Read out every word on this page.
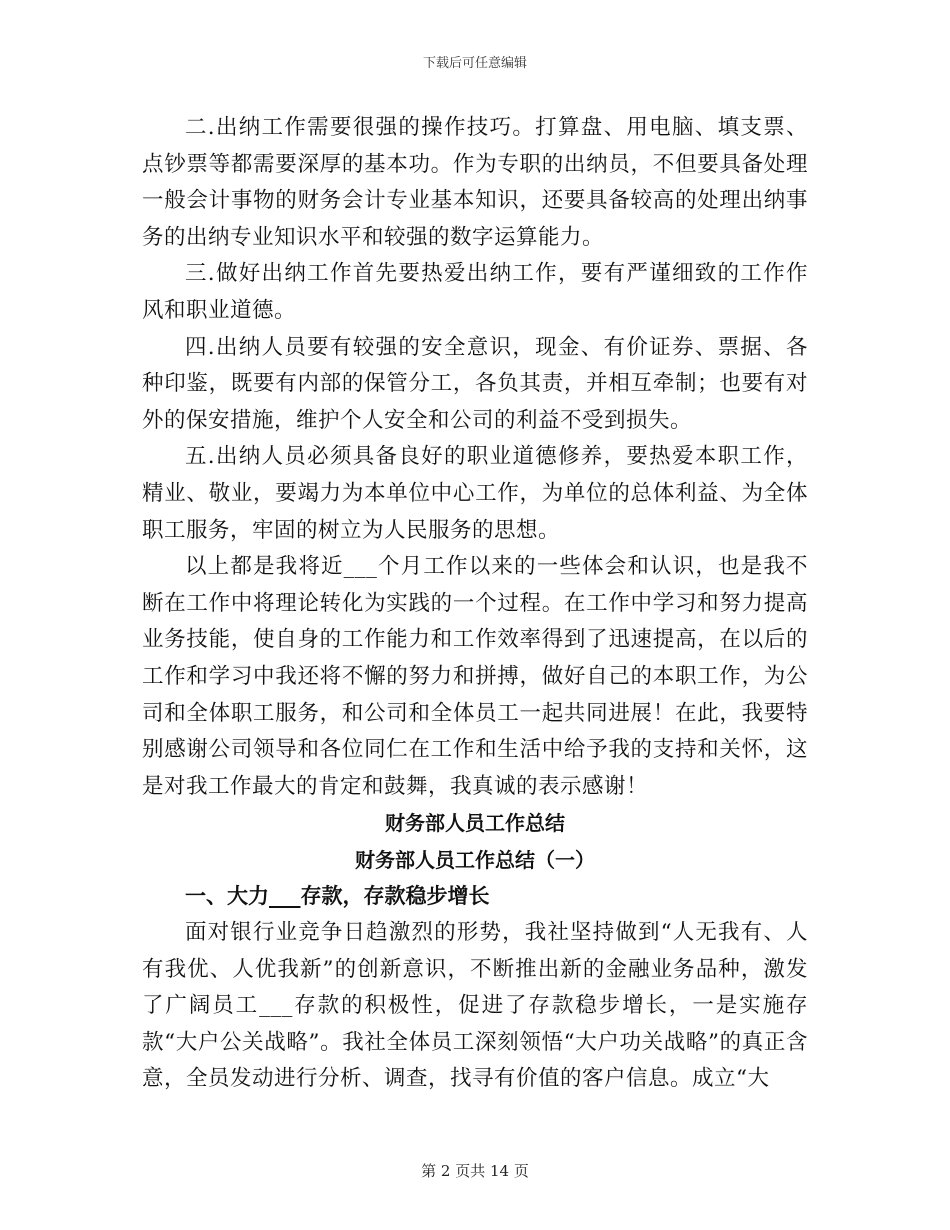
下载后可任意编辑

二.出纳工作需要很强的操作技巧。打算盘、用电脑、填支票、点钞票等都需要深厚的基本功。作为专职的出纳员，不但要具备处理一般会计事物的财务会计专业基本知识，还要具备较高的处理出纳事务的出纳专业知识水平和较强的数字运算能力。

三.做好出纳工作首先要热爱出纳工作，要有严谨细致的工作作风和职业道德。

四.出纳人员要有较强的安全意识，现金、有价证券、票据、各种印鉴，既要有内部的保管分工，各负其责，并相互牵制；也要有对外的保安措施，维护个人安全和公司的利益不受到损失。

五.出纳人员必须具备良好的职业道德修养，要热爱本职工作，精业、敬业，要竭力为本单位中心工作，为单位的总体利益、为全体职工服务，牢固的树立为人民服务的思想。

以上都是我将近___个月工作以来的一些体会和认识，也是我不断在工作中将理论转化为实践的一个过程。在工作中学习和努力提高业务技能，使自身的工作能力和工作效率得到了迅速提高，在以后的工作和学习中我还将不懈的努力和拼搏，做好自己的本职工作，为公司和全体职工服务，和公司和全体员工一起共同进展！在此，我要特别感谢公司领导和各位同仁在工作和生活中给予我的支持和关怀，这是对我工作最大的肯定和鼓舞，我真诚的表示感谢！

财务部人员工作总结

财务部人员工作总结（一）

一、大力___存款，存款稳步增长

面对银行业竞争日趋激烈的形势，我社坚持做到“人无我有、人有我优、人优我新”的创新意识，不断推出新的金融业务品种，激发了广阔员工___存款的积极性，促进了存款稳步增长，一是实施存款“大户公关战略”。我社全体员工深刻领悟“大户功关战略”的真正含意，全员发动进行分析、调查，找寻有价值的客户信息。成立“大

第 2 页共 14 页
